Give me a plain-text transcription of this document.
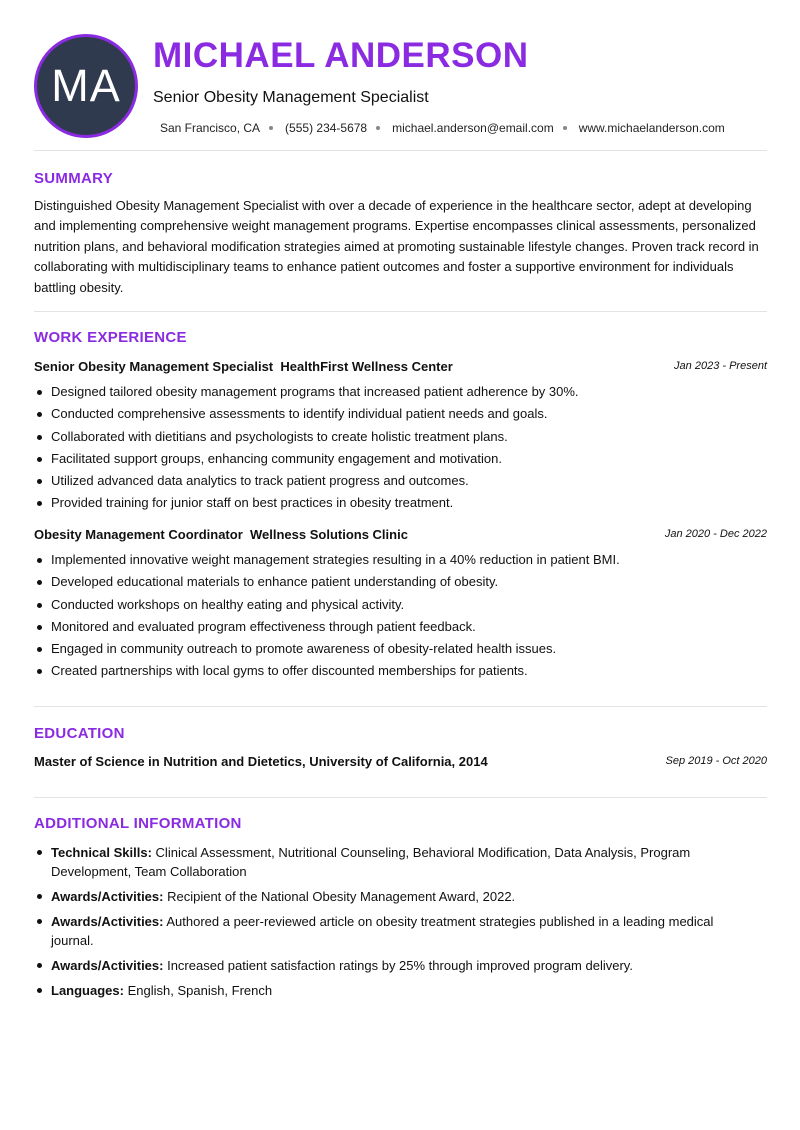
MA
MICHAEL ANDERSON
Senior Obesity Management Specialist
San Francisco, CA (555) 234-5678 michael.anderson@email.com www.michaelanderson.com
SUMMARY
Distinguished Obesity Management Specialist with over a decade of experience in the healthcare sector, adept at developing and implementing comprehensive weight management programs. Expertise encompasses clinical assessments, personalized nutrition plans, and behavioral modification strategies aimed at promoting sustainable lifestyle changes. Proven track record in collaborating with multidisciplinary teams to enhance patient outcomes and foster a supportive environment for individuals battling obesity.
WORK EXPERIENCE
Senior Obesity Management Specialist HealthFirst Wellness Center	Jan 2023 - Present
Designed tailored obesity management programs that increased patient adherence by 30%.
Conducted comprehensive assessments to identify individual patient needs and goals.
Collaborated with dietitians and psychologists to create holistic treatment plans.
Facilitated support groups, enhancing community engagement and motivation.
Utilized advanced data analytics to track patient progress and outcomes.
Provided training for junior staff on best practices in obesity treatment.
Obesity Management Coordinator Wellness Solutions Clinic	Jan 2020 - Dec 2022
Implemented innovative weight management strategies resulting in a 40% reduction in patient BMI.
Developed educational materials to enhance patient understanding of obesity.
Conducted workshops on healthy eating and physical activity.
Monitored and evaluated program effectiveness through patient feedback.
Engaged in community outreach to promote awareness of obesity-related health issues.
Created partnerships with local gyms to offer discounted memberships for patients.
EDUCATION
Master of Science in Nutrition and Dietetics, University of California, 2014	Sep 2019 - Oct 2020
ADDITIONAL INFORMATION
Technical Skills: Clinical Assessment, Nutritional Counseling, Behavioral Modification, Data Analysis, Program Development, Team Collaboration
Awards/Activities: Recipient of the National Obesity Management Award, 2022.
Awards/Activities: Authored a peer-reviewed article on obesity treatment strategies published in a leading medical journal.
Awards/Activities: Increased patient satisfaction ratings by 25% through improved program delivery.
Languages: English, Spanish, French
